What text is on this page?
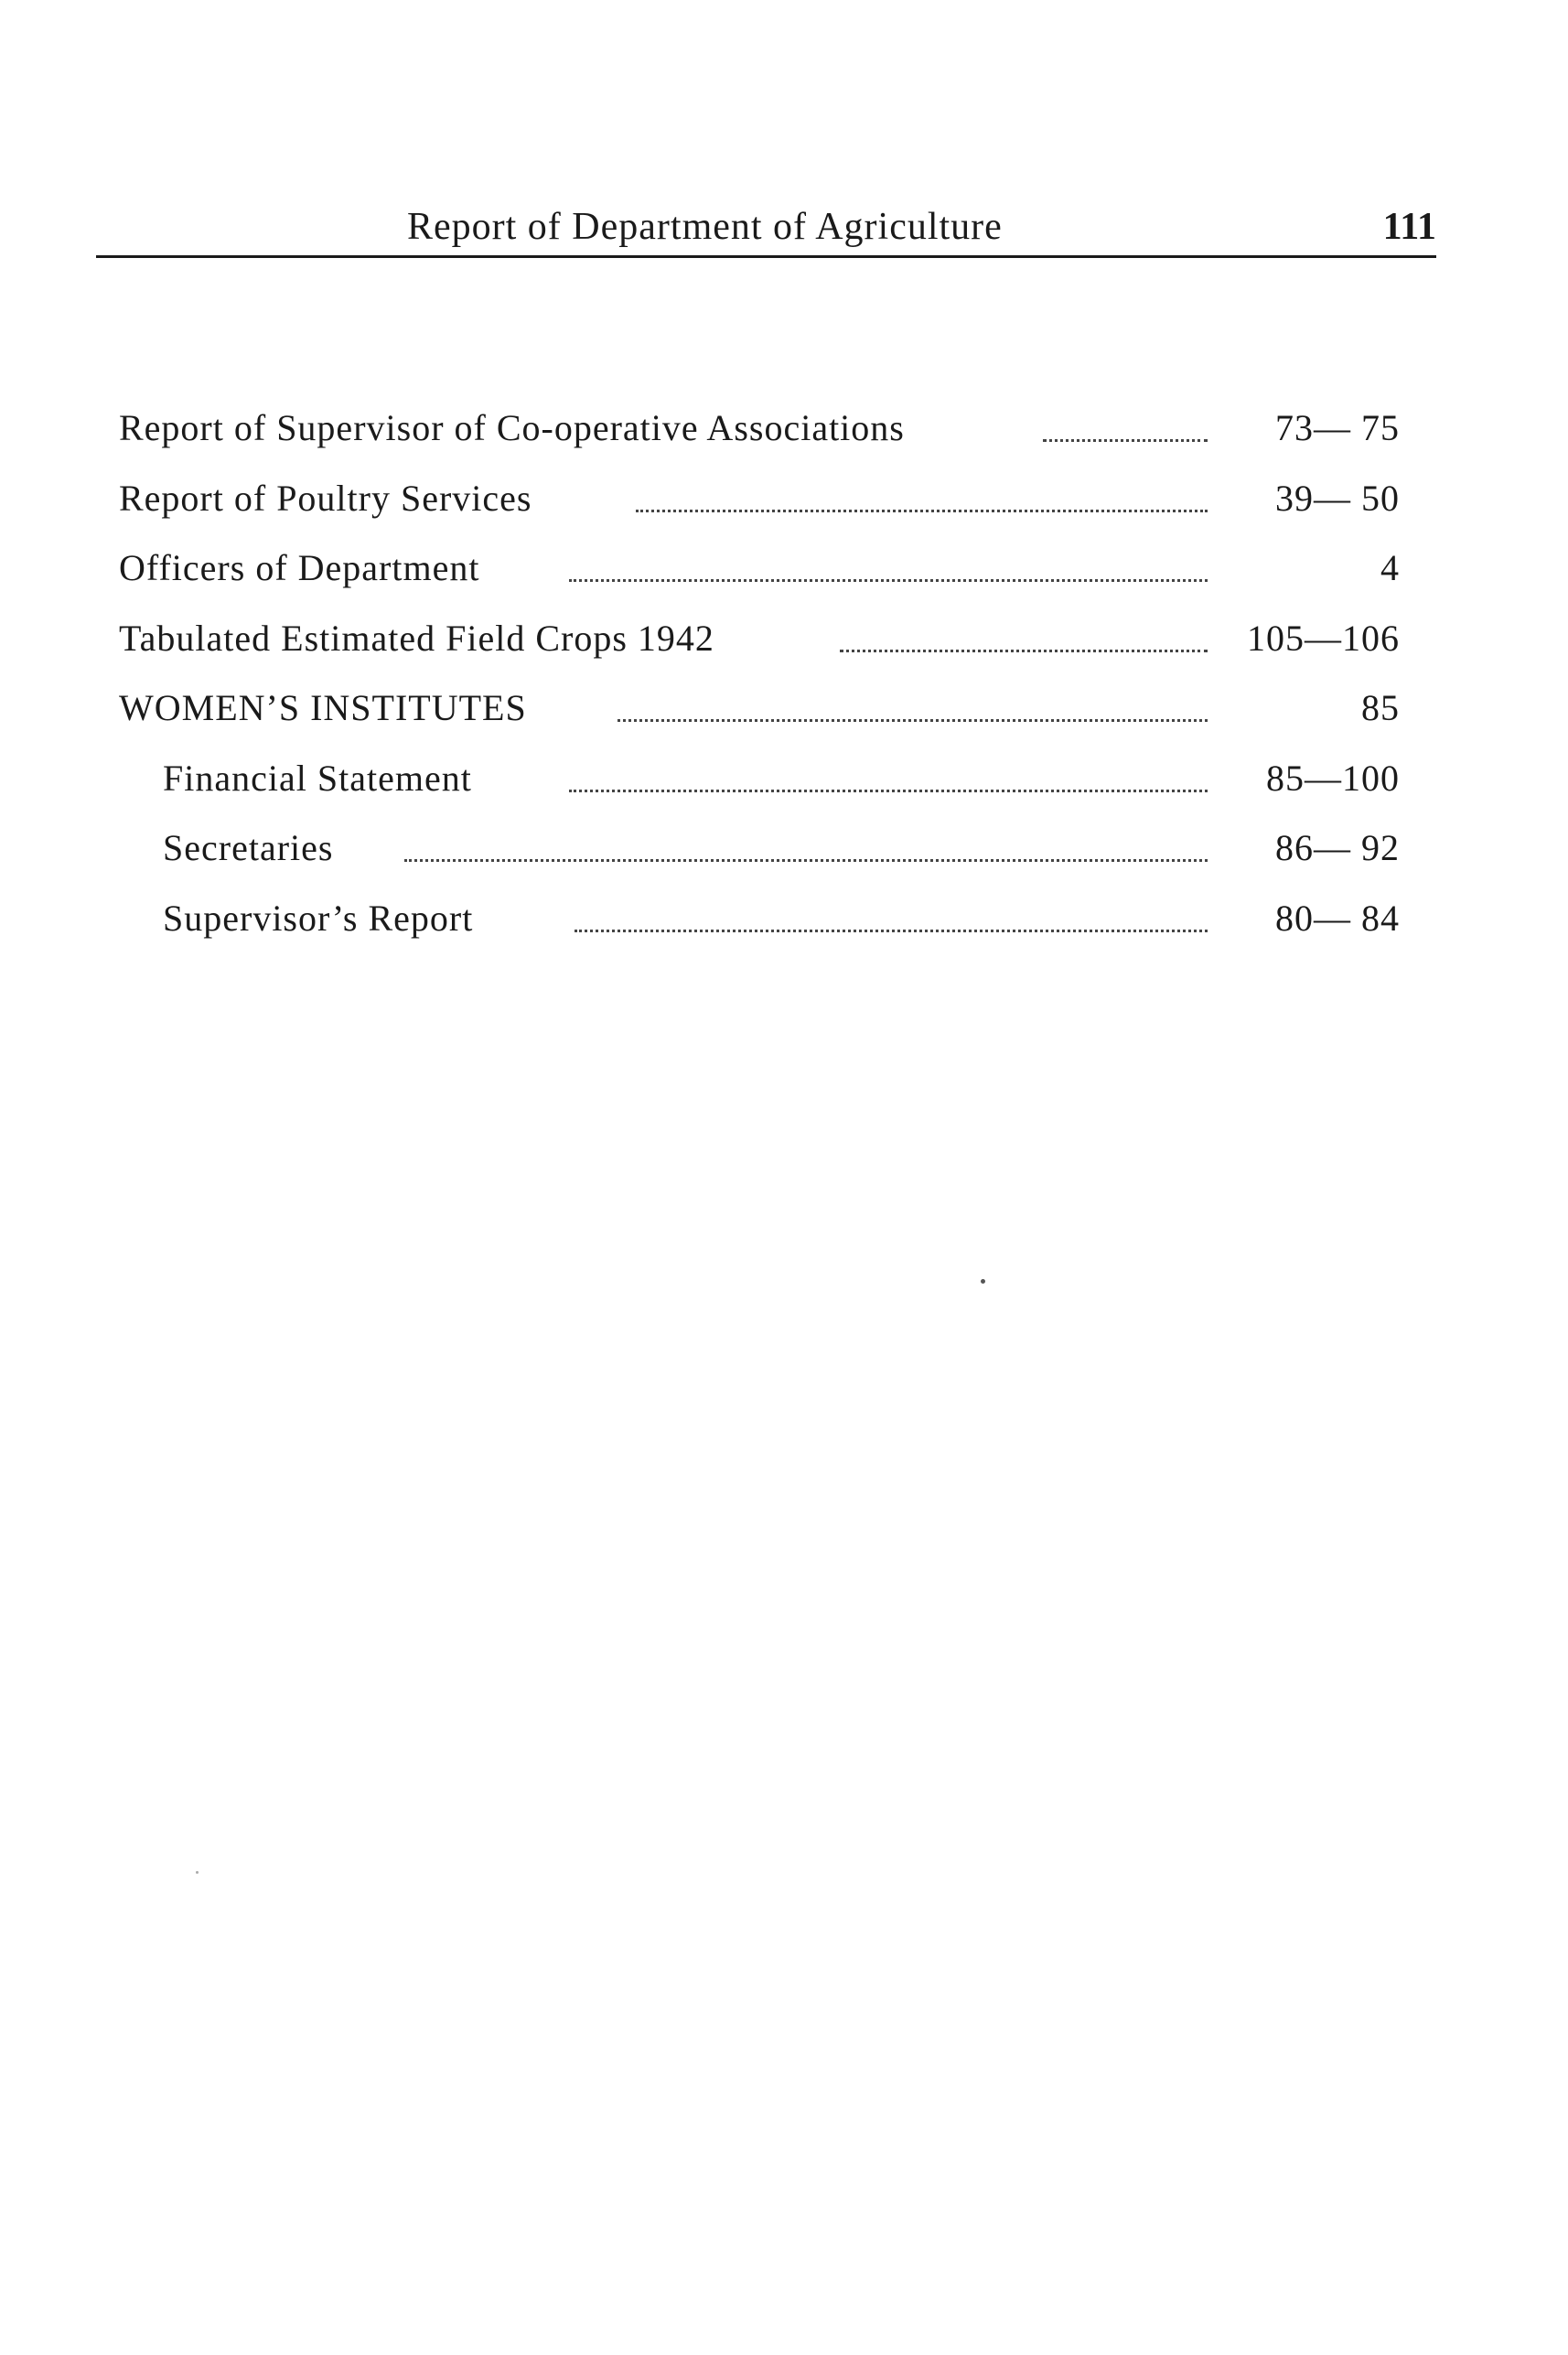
Report of Department of Agriculture	111
Report of Supervisor of Co-operative Associations	73— 75
Report of Poultry Services	39— 50
Officers of Department	4
Tabulated Estimated Field Crops 1942	105—106
WOMEN’S INSTITUTES	85
Financial Statement	85—100
Secretaries	86— 92
Supervisor’s Report	80— 84
